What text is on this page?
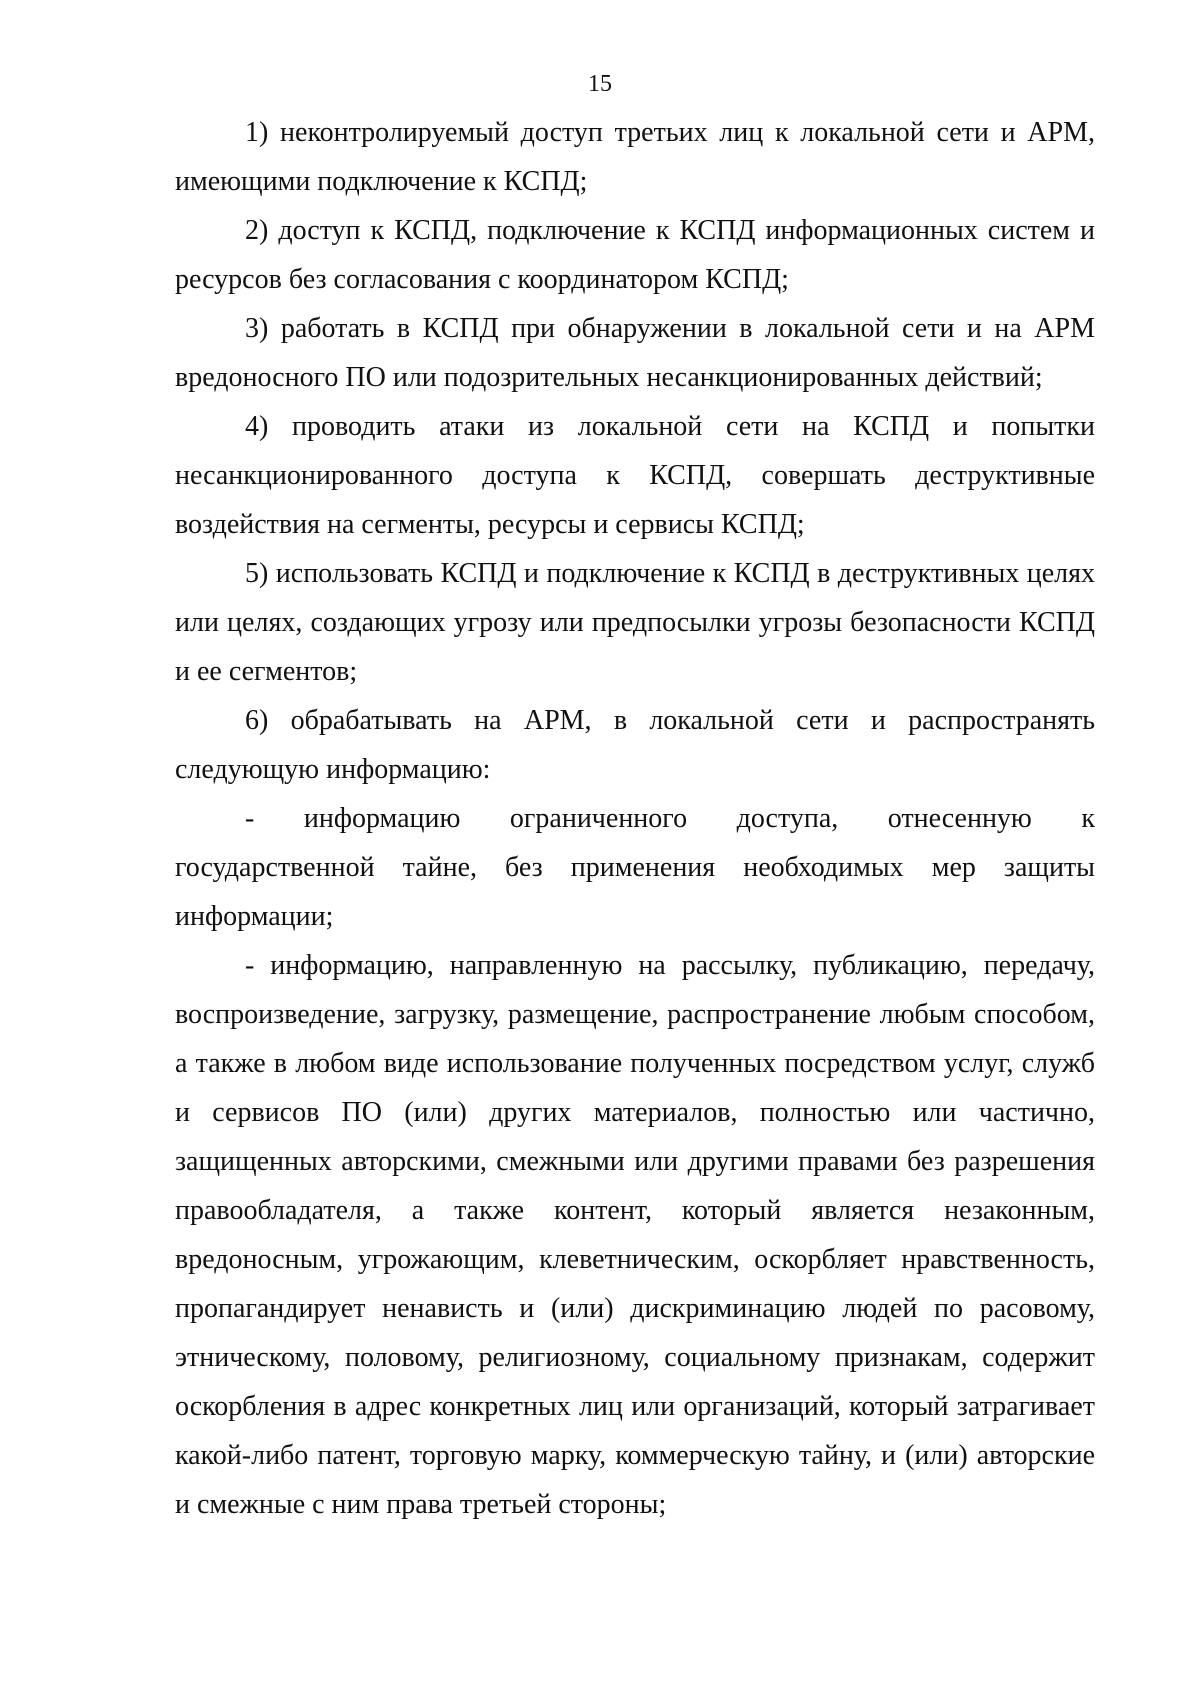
15

1) неконтролируемый доступ третьих лиц к локальной сети и АРМ, имеющими подключение к КСПД;

2) доступ к КСПД, подключение к КСПД информационных систем и ресурсов без согласования с координатором КСПД;

3) работать в КСПД при обнаружении в локальной сети и на АРМ вредоносного ПО или подозрительных несанкционированных действий;

4) проводить атаки из локальной сети на КСПД и попытки несанкционированного доступа к КСПД, совершать деструктивные воздействия на сегменты, ресурсы и сервисы КСПД;

5) использовать КСПД и подключение к КСПД в деструктивных целях или целях, создающих угрозу или предпосылки угрозы безопасности КСПД и ее сегментов;

6) обрабатывать на АРМ, в локальной сети и распространять следующую информацию:

-      информацию      ограниченного      доступа,      отнесенную      к государственной тайне, без применения необходимых мер защиты информации;

- информацию, направленную на рассылку, публикацию, передачу, воспроизведение, загрузку, размещение, распространение любым способом, а также в любом виде использование полученных посредством услуг, служб и сервисов ПО (или) других материалов, полностью или частично, защищенных авторскими, смежными или другими правами без разрешения правообладателя, а также контент, который является незаконным, вредоносным, угрожающим, клеветническим, оскорбляет нравственность, пропагандирует ненависть и (или) дискриминацию людей по расовому, этническому, половому, религиозному, социальному признакам, содержит оскорбления в адрес конкретных лиц или организаций, который затрагивает какой-либо патент, торговую марку, коммерческую тайну, и (или) авторские и смежные с ним права третьей стороны;
